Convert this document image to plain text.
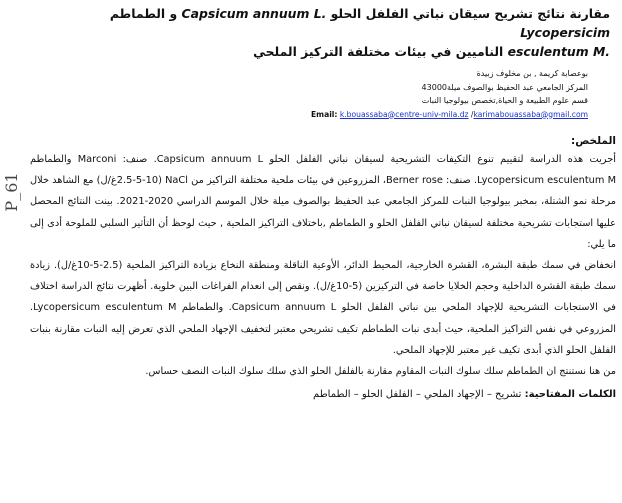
P_61
مقارنة نتائج تشريح سيقان نباتي الفلفل الحلو Capsicum annuum L. و الطماطم Lycopersicim
esculentum M. الناميين في بيئات مختلفة التركيز الملحي
بوعصابة كريمة , بن مخلوف زبيدة
المركز الجامعي عبد الحفيظ بوالصوف ميلة43000
قسم علوم الطبيعة و الحياة,تخصص بيولوجيا النبات
Email: k.bouassaba@centre-univ-mila.dz /karimabouassaba@gmail.com
الملخص:

أجريت هذه الدراسة لتقييم تنوع التكيفات التشريحية لسيقان نباتي الفلفل الحلو Capsicum annuum L. صنف: Marconi والطماطم Lycopersicum esculentum M. صنف: Berner rose، المزروعين في بيئات ملحية مختلفة التراكيز من NaCl (2.5-5-10غ/ل) مع الشاهد خلال مرحلة نمو الشتلة، بمخبر بيولوجيا النبات للمركز الجامعي عبد الحفيظ بوالصوف ميلة خلال الموسم الدراسي 2020-2021. بينت النتائج المحصل عليها استجابات تشريحية مختلفة لسيقان نباتي الفلفل الحلو و الطماطم ,باختلاف التراكيز الملحية , حيث لوحظ أن التأثير السلبي للملوحة أدى إلى ما يلي:

انخفاض في سمك طبقة البشرة، القشرة الخارجية، المحيط الدائر، الأوعية الناقلة ومنطقة النخاع بزيادة التراكيز الملحية (2.5-5-10غ/ل). زيادة سمك طبقة القشرة الداخلية وحجم الخلايا خاصة في التركيزين (5-10غ/ل). ونقص إلى انعدام الفراغات البين خلوية. أظهرت نتائج الدراسة اختلاف في الاستجابات التشريحية للإجهاد الملحي بين نباتي الفلفل الحلو Capsicum annuum L. والطماطم Lycopersicum esculentum M. المزروعي في نفس التراكيز الملحية، حيث أبدى نبات الطماطم تكيف تشريحي معتبر لتخفيف الإجهاد الملحي الذي تعرض إليه النبات مقارنة بنبات الفلفل الحلو الذي أبدى تكيف غير معتبر للإجهاد الملحي.

من هنا نستنتج ان الطماطم سلك سلوك النبات المقاوم مقارنة بالفلفل الحلو الذي سلك سلوك النبات النصف حساس.

الكلمات المفتاحية: تشريح – الإجهاد الملحي – الفلفل الحلو – الطماطم
